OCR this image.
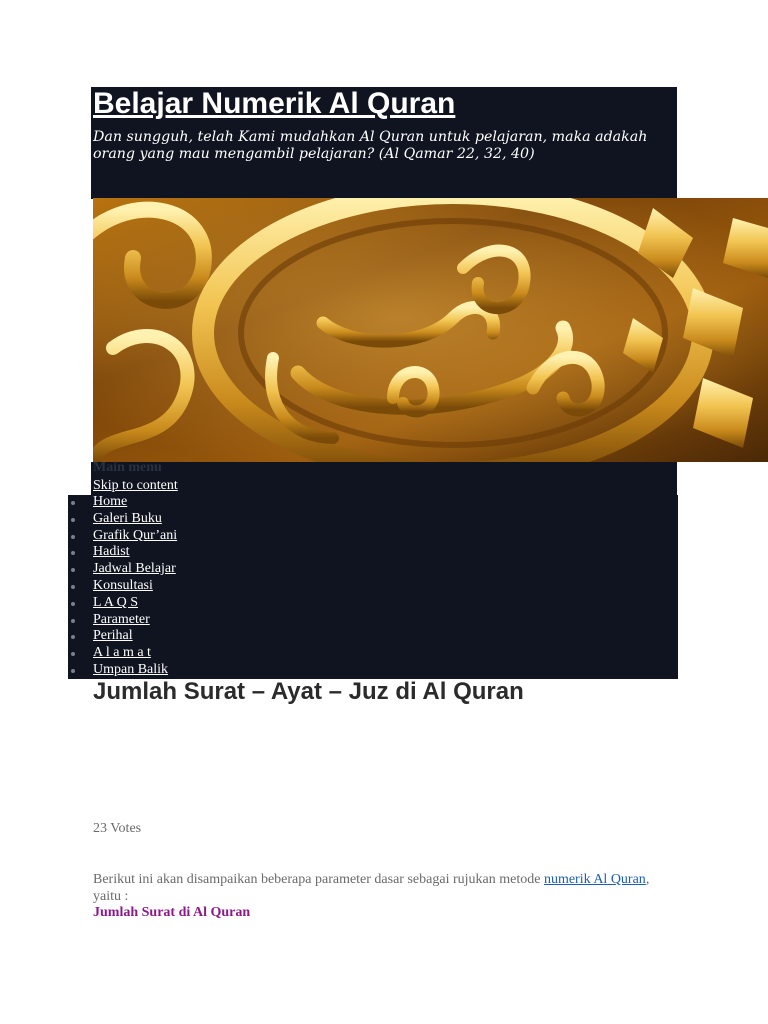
Belajar Numerik Al Quran

Dan sungguh, telah Kami mudahkan Al Quran untuk pelajaran, maka adakah orang yang mau mengambil pelajaran? (Al Qamar 22, 32, 40)

Main menu
Skip to content
Home
Galeri Buku
Grafik Qur’ani
Hadist
Jadwal Belajar
Konsultasi
L A Q S
Parameter
Perihal
A l a m a t
Umpan Balik
Jumlah Surat – Ayat – Juz di Al Quran
23 Votes

Berikut ini akan disampaikan beberapa parameter dasar sebagai rujukan metode numerik Al Quran, yaitu :

Jumlah Surat di Al Quran
